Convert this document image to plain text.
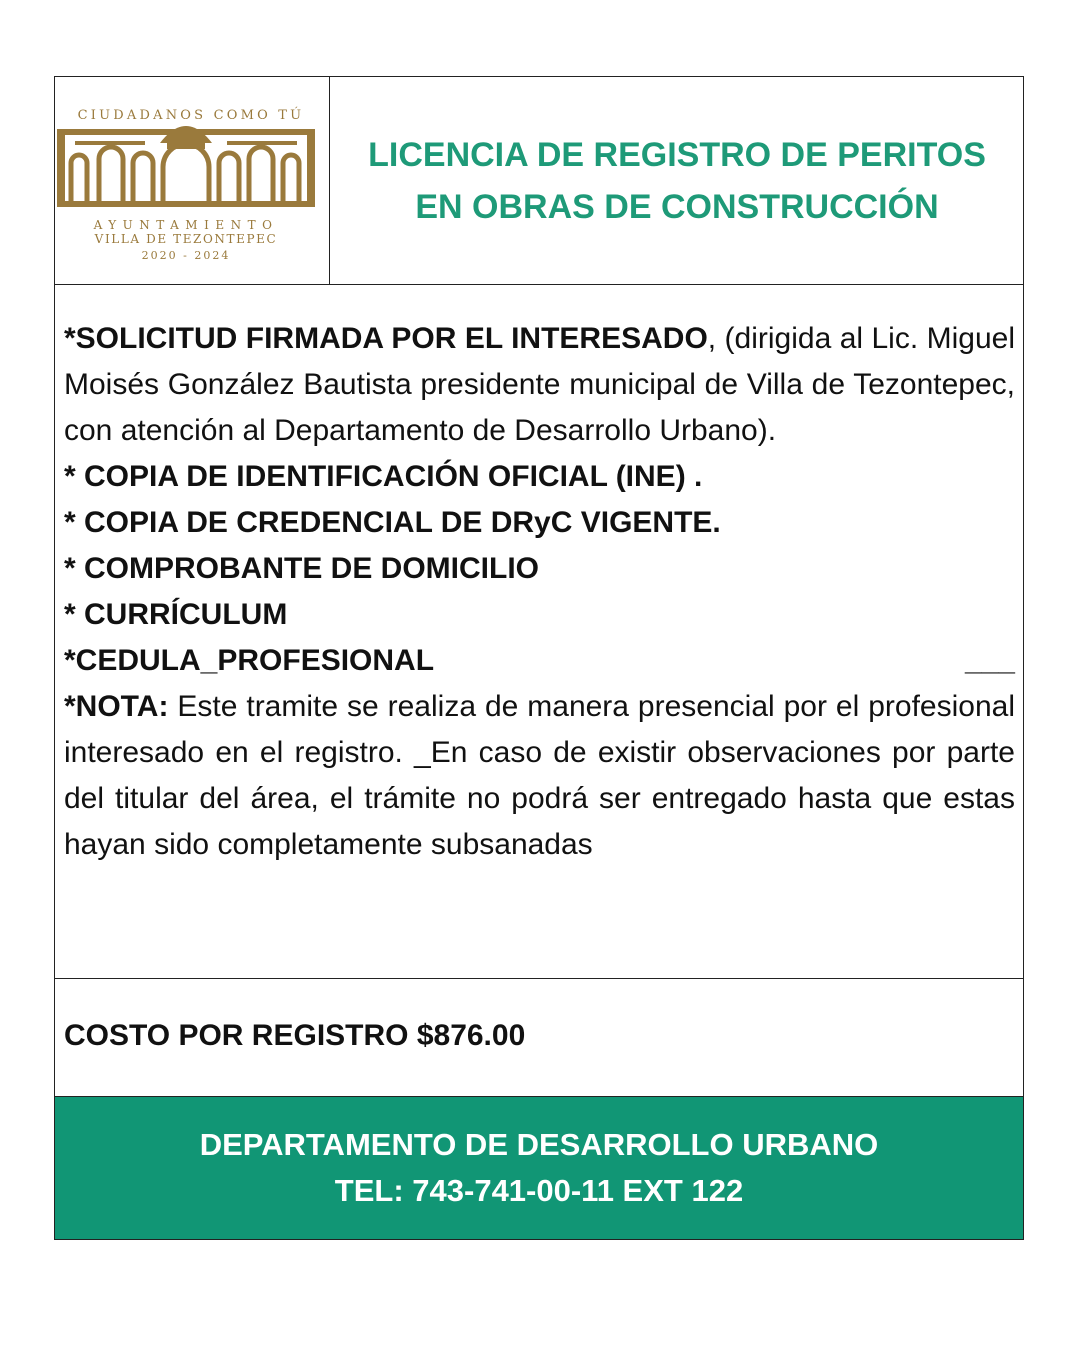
CIUDADANOS COMO TÚ
AYUNTAMIENTO
VILLA DE TEZONTEPEC
2020 - 2024
LICENCIA DE REGISTRO DE PERITOS
EN OBRAS DE CONSTRUCCIÓN

*SOLICITUD FIRMADA POR EL INTERESADO, (dirigida al Lic. Miguel Moisés González Bautista presidente municipal de Villa de Tezontepec, con atención al Departamento de Desarrollo Urbano).

* COPIA DE IDENTIFICACIÓN OFICIAL (INE) .

* COPIA DE CREDENCIAL DE DRyC VIGENTE.

* COMPROBANTE DE DOMICILIO

* CURRÍCULUM

*CEDULA_PROFESIONAL	___

*NOTA: Este tramite se realiza de manera presencial por el profesional interesado en el registro. _En caso de existir observaciones por parte del titular del área, el trámite no podrá ser entregado hasta que estas hayan sido completamente subsanadas

COSTO POR REGISTRO $876.00
DEPARTAMENTO DE DESARROLLO URBANO
TEL: 743-741-00-11 EXT 122
